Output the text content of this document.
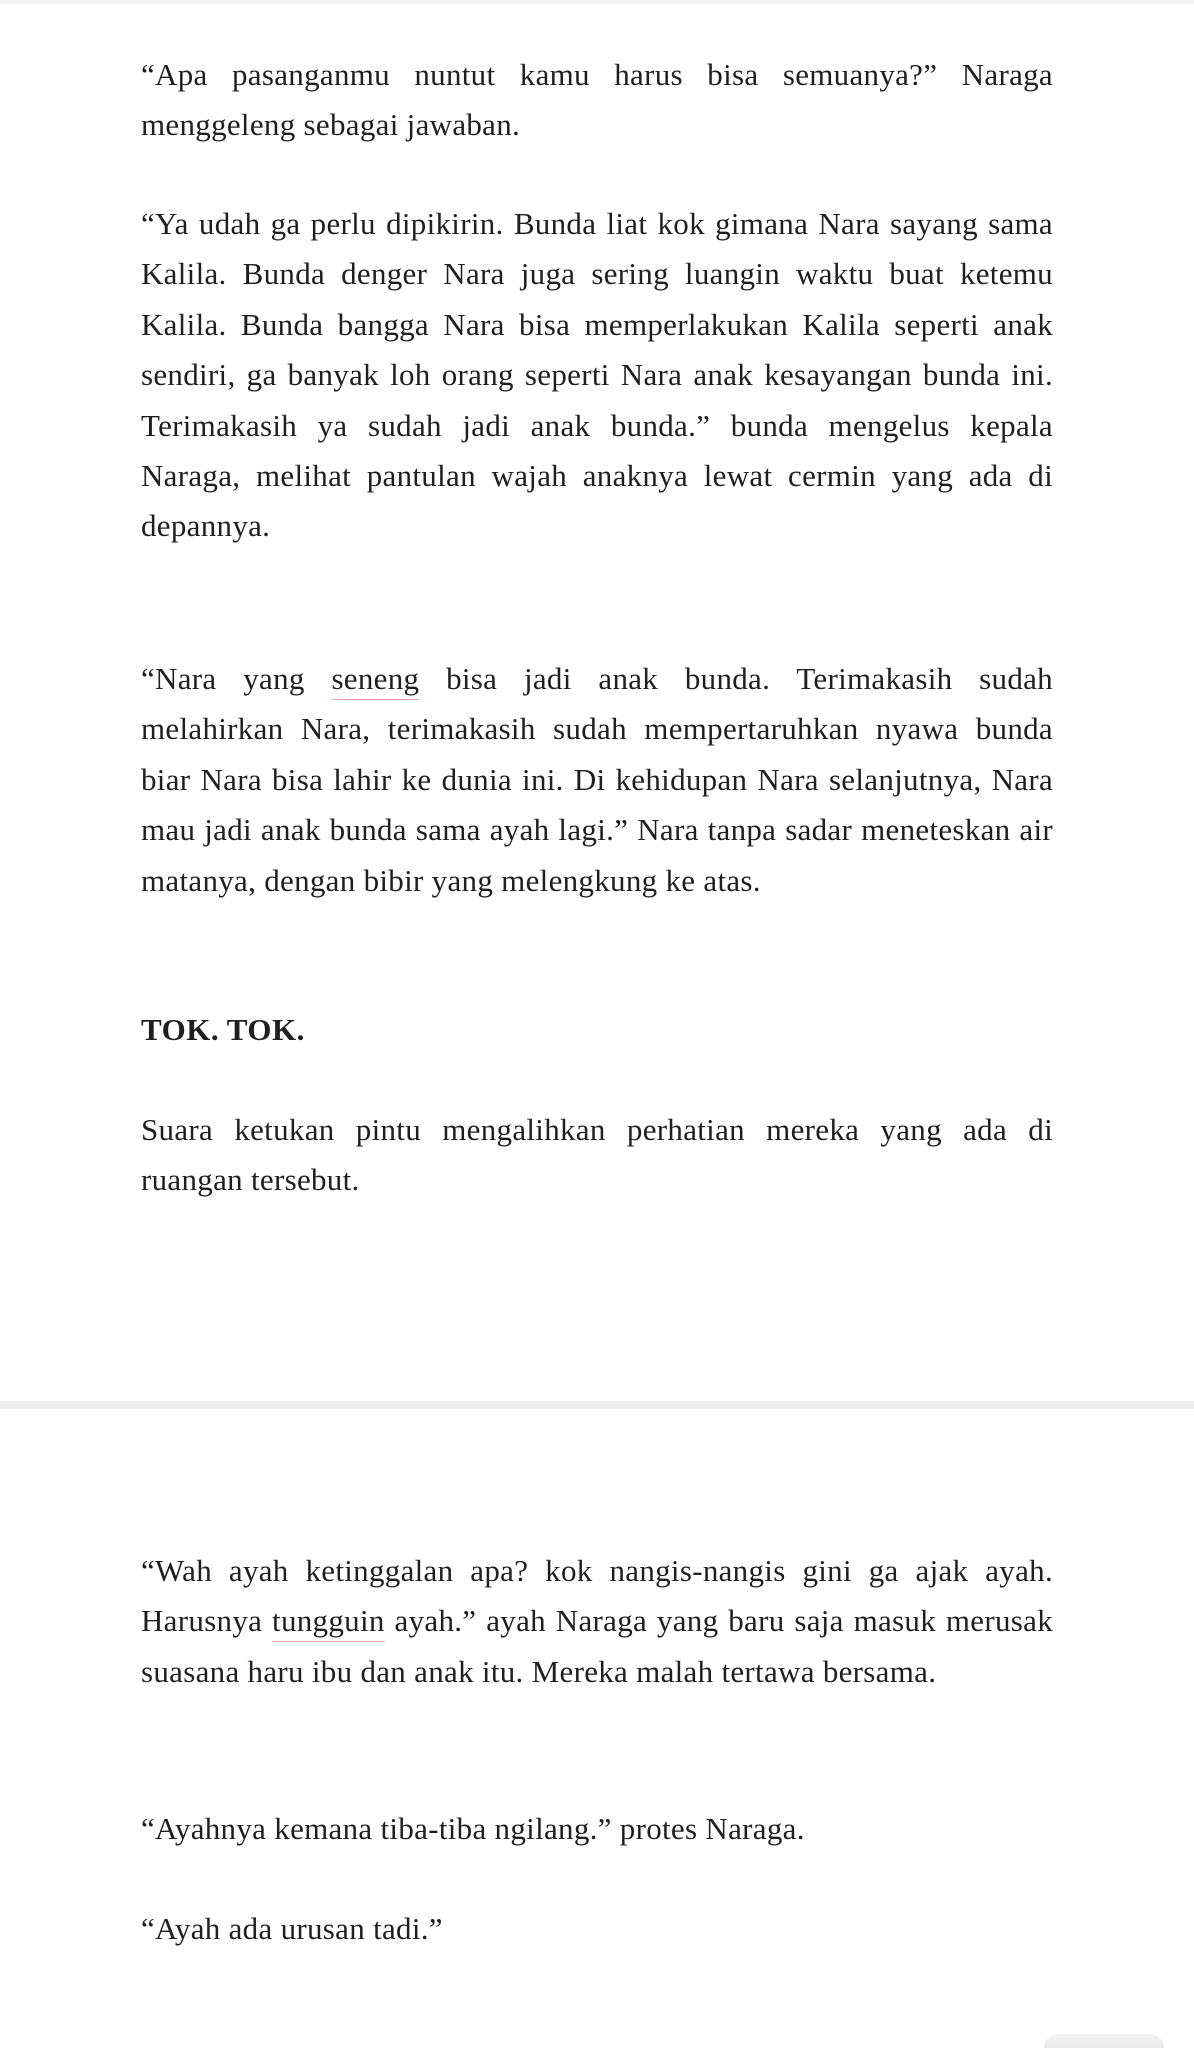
“Apa pasanganmu nuntut kamu harus bisa semuanya?” Naraga menggeleng sebagai jawaban.

“Ya udah ga perlu dipikirin. Bunda liat kok gimana Nara sayang sama Kalila. Bunda denger Nara juga sering luangin waktu buat ketemu Kalila. Bunda bangga Nara bisa memperlakukan Kalila seperti anak sendiri, ga banyak loh orang seperti Nara anak kesayangan bunda ini. Terimakasih ya sudah jadi anak bunda.” bunda mengelus kepala Naraga, melihat pantulan wajah anaknya lewat cermin yang ada di depannya.

“Nara yang seneng bisa jadi anak bunda. Terimakasih sudah melahirkan Nara, terimakasih sudah mempertaruhkan nyawa bunda biar Nara bisa lahir ke dunia ini. Di kehidupan Nara selanjutnya, Nara mau jadi anak bunda sama ayah lagi.” Nara tanpa sadar meneteskan air matanya, dengan bibir yang melengkung ke atas.

TOK. TOK.

Suara ketukan pintu mengalihkan perhatian mereka yang ada di ruangan tersebut.

“Wah ayah ketinggalan apa? kok nangis-nangis gini ga ajak ayah. Harusnya tungguin ayah.” ayah Naraga yang baru saja masuk merusak suasana haru ibu dan anak itu. Mereka malah tertawa bersama.

“Ayahnya kemana tiba-tiba ngilang.” protes Naraga.

“Ayah ada urusan tadi.”
